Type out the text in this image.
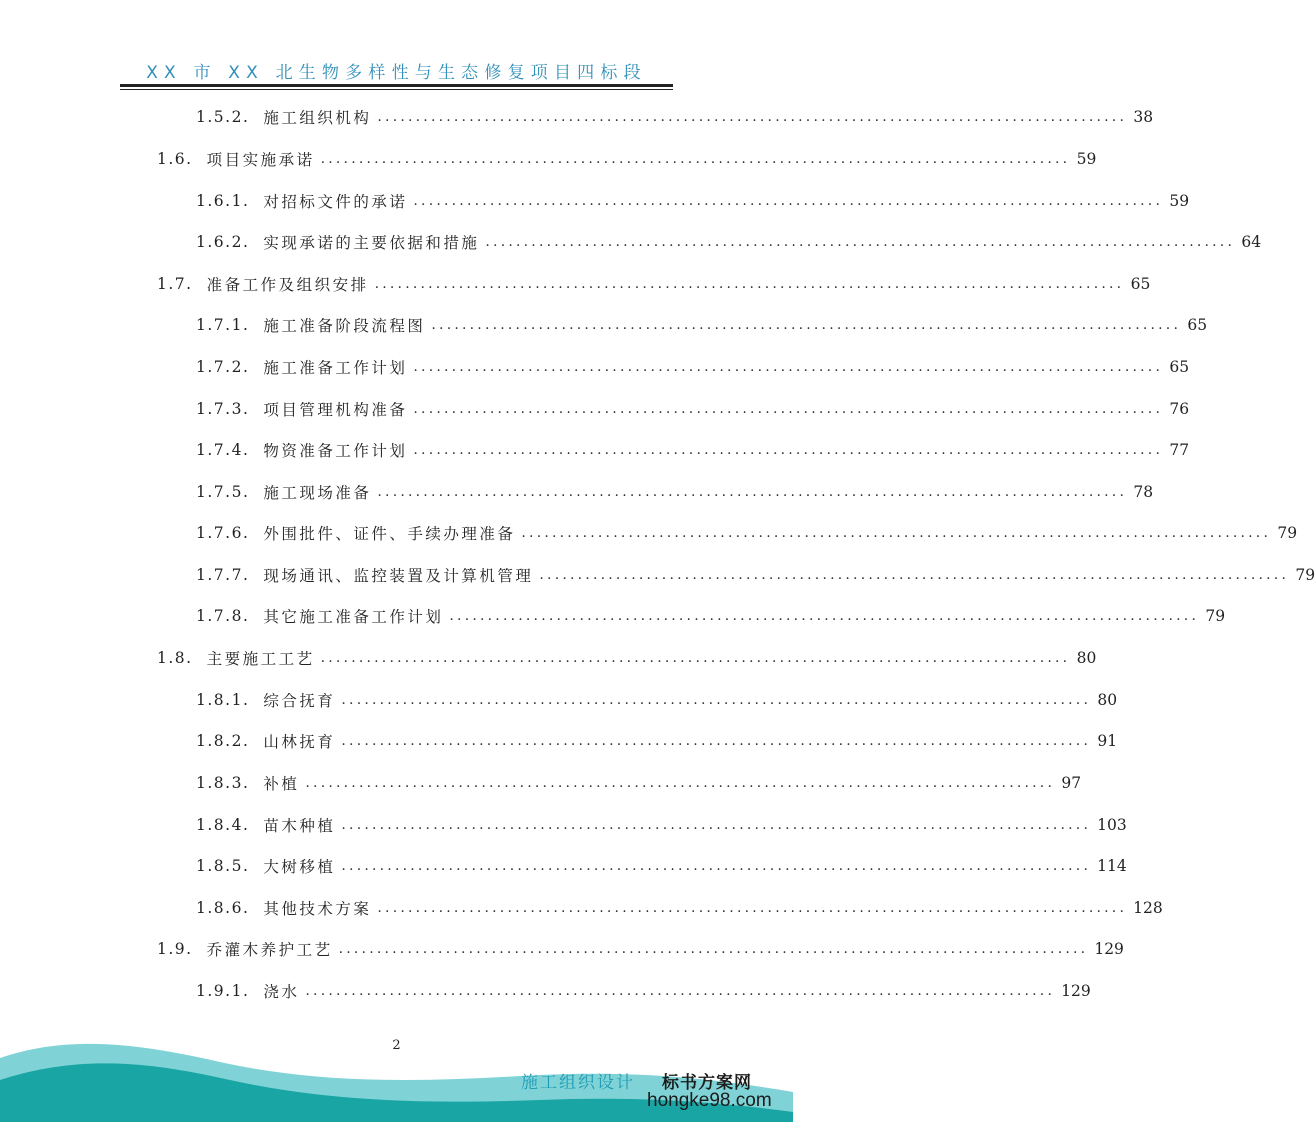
XX 市 XX 北生物多样性与生态修复项目四标段
1.5.2. 施工组织机构 .................................................................................................. 38
1.6. 项目实施承诺 .................................................................................................. 59
1.6.1. 对招标文件的承诺 .................................................................................................. 59
1.6.2. 实现承诺的主要依据和措施 .................................................................................................. 64
1.7. 准备工作及组织安排 .................................................................................................. 65
1.7.1. 施工准备阶段流程图 .................................................................................................. 65
1.7.2. 施工准备工作计划 .................................................................................................. 65
1.7.3. 项目管理机构准备 .................................................................................................. 76
1.7.4. 物资准备工作计划 .................................................................................................. 77
1.7.5. 施工现场准备 .................................................................................................. 78
1.7.6. 外围批件、证件、手续办理准备 .................................................................................................. 79
1.7.7. 现场通讯、监控装置及计算机管理 .................................................................................................. 79
1.7.8. 其它施工准备工作计划 .................................................................................................. 79
1.8. 主要施工工艺 .................................................................................................. 80
1.8.1. 综合抚育 .................................................................................................. 80
1.8.2. 山林抚育 .................................................................................................. 91
1.8.3. 补植 .................................................................................................. 97
1.8.4. 苗木种植 .................................................................................................. 103
1.8.5. 大树移植 .................................................................................................. 114
1.8.6. 其他技术方案 .................................................................................................. 128
1.9. 乔灌木养护工艺 .................................................................................................. 129
1.9.1. 浇水 .................................................................................................. 129
2
施工组织设计 标书方案网
hongke98.com
